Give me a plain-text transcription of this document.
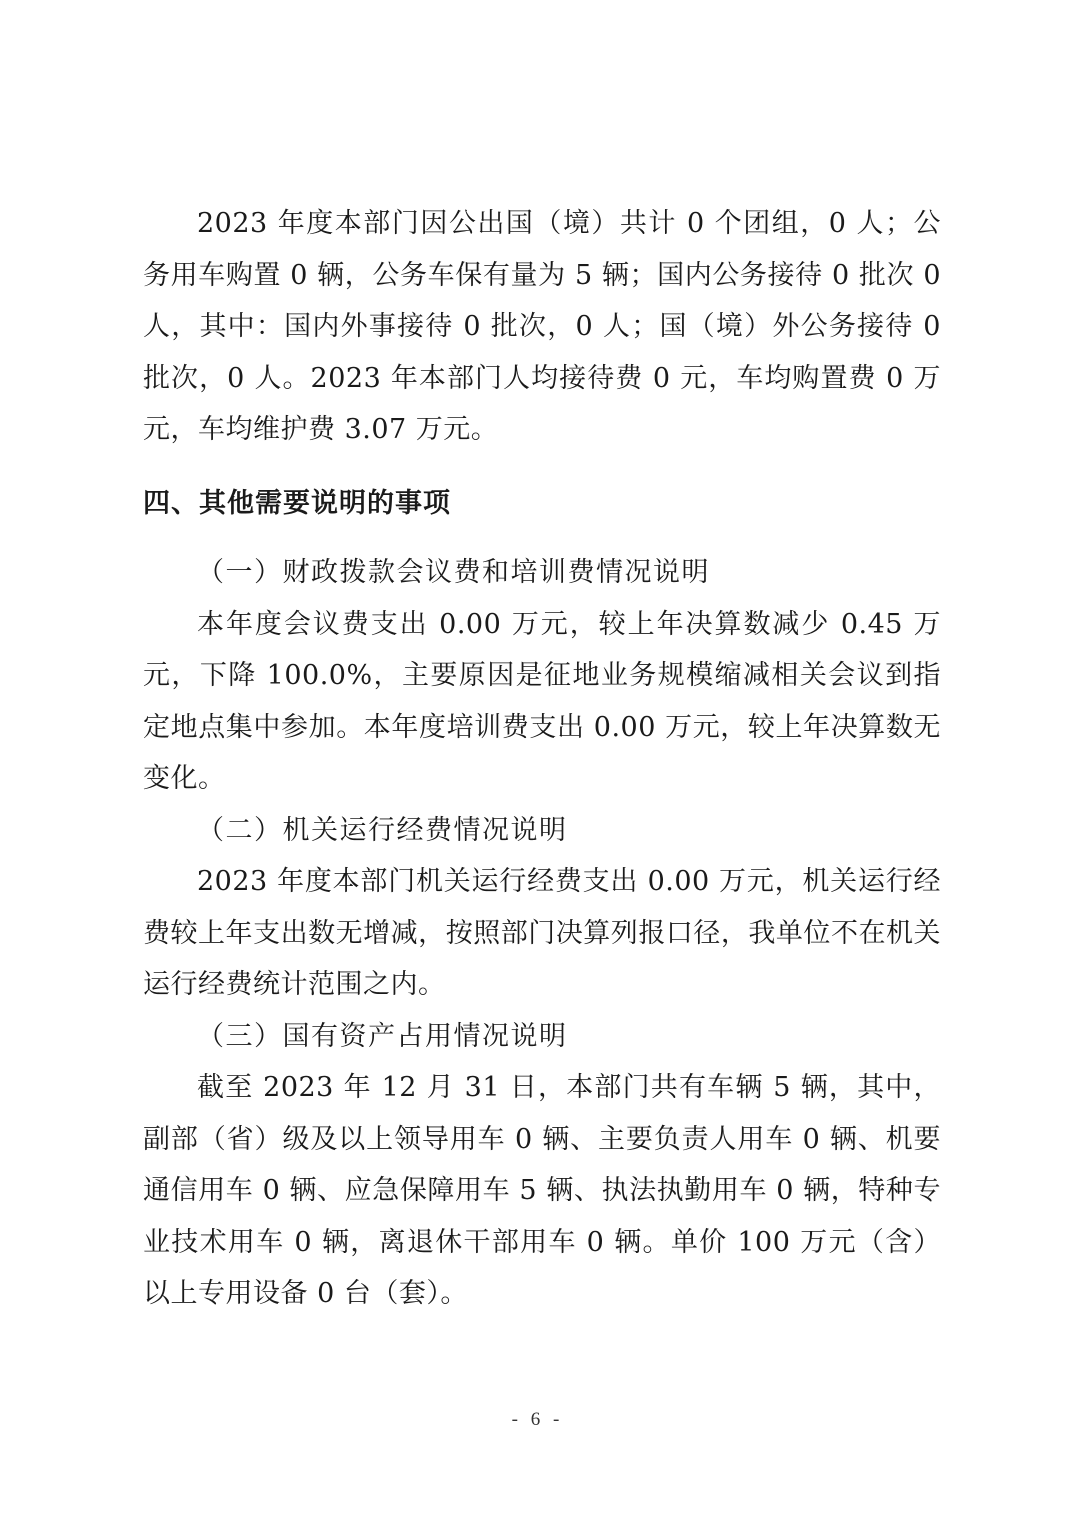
2023 年度本部门因公出国（境）共计 0 个团组，0 人；公务用车购置 0 辆，公务车保有量为 5 辆；国内公务接待 0 批次 0 人，其中：国内外事接待 0 批次，0 人；国（境）外公务接待 0 批次，0 人。2023 年本部门人均接待费 0 元，车均购置费 0 万元，车均维护费 3.07 万元。

四、其他需要说明的事项

（一）财政拨款会议费和培训费情况说明

本年度会议费支出 0.00 万元，较上年决算数减少 0.45 万元，下降 100.0%，主要原因是征地业务规模缩减相关会议到指定地点集中参加。本年度培训费支出 0.00 万元，较上年决算数无变化。

（二）机关运行经费情况说明

2023 年度本部门机关运行经费支出 0.00 万元，机关运行经费较上年支出数无增减，按照部门决算列报口径，我单位不在机关运行经费统计范围之内。

（三）国有资产占用情况说明

截至 2023 年 12 月 31 日，本部门共有车辆 5 辆，其中，副部（省）级及以上领导用车 0 辆、主要负责人用车 0 辆、机要通信用车 0 辆、应急保障用车 5 辆、执法执勤用车 0 辆，特种专业技术用车 0 辆，离退休干部用车 0 辆。单价 100 万元（含）以上专用设备 0 台（套）。

- 6 -
